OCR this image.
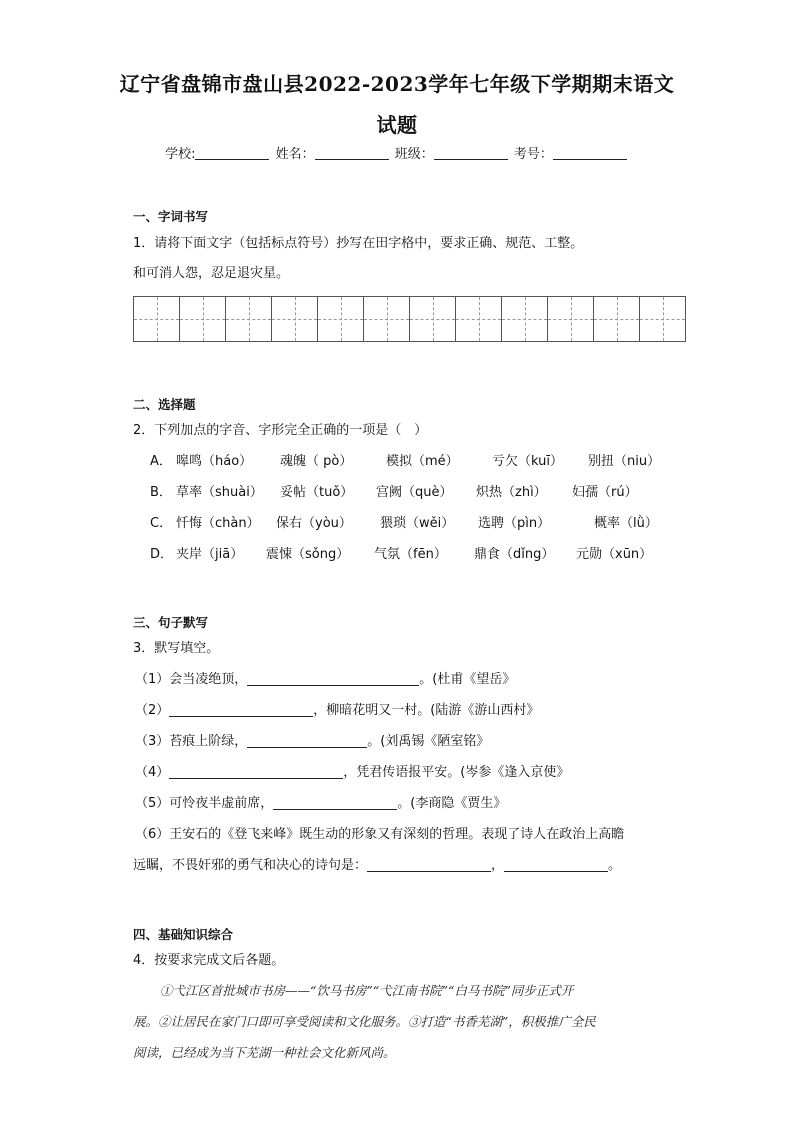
辽宁省盘锦市盘山县2022-2023学年七年级下学期期末语文
试题
学校:	姓名：	班级：	考号：
一、字词书写
1．请将下面文字（包括标点符号）抄写在田字格中，要求正确、规范、工整。
和可消人怨，忍足退灾星。
二、选择题
2．下列加点的字音、字形完全正确的一项是（　）
A． 嗥鸣（háo） 魂魄（ pò）	模拟（mé）	亏欠（kuī） 别扭（niu）
B． 草率（shuài） 妥帖（tuǒ） 宫阙（què） 炽热（zhì） 妇孺（rú）
C． 忏悔（chàn） 保右（yòu） 猥琐（wěi） 选聘（pìn）	概率（lǜ）
D． 夹岸（jiā） 震悚（sǒng） 气氛（fēn） 鼎食（dǐng） 元勋（xūn）
三、句子默写
3．默写填空。
（1）会当凌绝顶，	。(杜甫《望岳》
（2）	，柳暗花明又一村。(陆游《游山西村》
（3）苔痕上阶绿，	。(刘禹锡《陋室铭》
（4）	，凭君传语报平安。(岑参《逢入京使》
（5）可怜夜半虚前席，	。(李商隐《贾生》
（6）王安石的《登飞来峰》既生动的形象又有深刻的哲理。表现了诗人在政治上高瞻
远瞩，不畏奸邪的勇气和决心的诗句是：	，	。
四、基础知识综合
4．按要求完成文后各题。
①弋江区首批城市书房——“饮马书房”“弋江南书院”“白马书院”同步正式开
展。②让居民在家门口即可享受阅读和文化服务。③打造“书香芜湖”，积极推广全民
阅读，已经成为当下芜湖一种社会文化新风尚。
